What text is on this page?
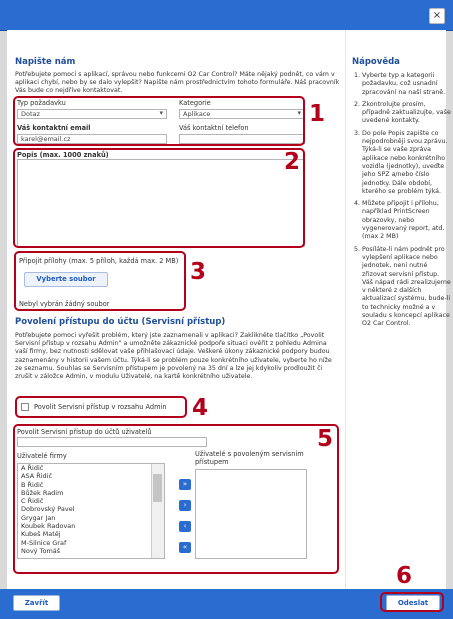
×
Napište nám
Potřebujete pomoci s aplikací, správou nebo funkcemi O2 Car Control? Máte nějaký podnět, co vám v aplikaci chybí, nebo by se dalo vylepšit? Napište nám prostřednictvím tohoto formuláře. Náš pracovník Vás bude co nejdříve kontaktovat.
Typ požadavku
Dotaz ▾
Kategorie
Aplikace ▾
Váš kontaktní email
karel@email.cz
Váš kontaktní telefon
Popis (max. 1000 znaků)
Připojit přílohy (max. 5 příloh, každá max. 2 MB)
Vyberte soubor
Nebyl vybrán žádný soubor
Povolení přístupu do účtu (Servisní přístup)
Potřebujete pomoci vyřešit problém, který jste zaznamenali v aplikaci? Zaklikněte tlačítko „Povolit Servisní přístup v rozsahu Admin" a umožněte zákaznické podpoře situaci ověřit z pohledu Admina vaší firmy, bez nutnosti sdělovat vaše přihlašovací údaje. Veškeré úkony zákaznické podpory budou zaznamenány v historii vašem účtu. Týká-li se problém pouze konkrétního uživatele, vyberte ho níže ze seznamu. Souhlas se Servisním přístupem je povolený na 35 dní a lze jej kdykoliv prodloužit či zrušit v záložce Admin, v modulu Uživatelé, na kartě konkrétního uživatele.
Povolit Servisní přístup v rozsahu Admin
Povolit Servisní přístup do účtů uživatelů
Uživatelé firmy
A Řidič
ASA Řidič
B Řidič
Bůžek Radim
C Řidič
Dobrovský Pavel
Grygar Jan
Koubek Radovan
Kubeš Matěj
M-Silnice Graf
Nový Tomáš
»
›
‹
«
Uživatelé s povoleným servisním přístupem
Nápověda
1. Vyberte typ a kategorii požadavku, což usnadní zpracování na naší straně.
2. Zkontrolujte prosím, případně zaktualizujte, vaše uvedené kontakty.
3. Do pole Popis zapište co nejpodrobněji svou zprávu. Týká-li se vaše zpráva aplikace nebo konkrétního vozidla (jednotky), uveďte jeho SPZ a/nebo číslo jednotky. Dále období, kterého se problém týká.
4. Můžete připojit i přílohu, například PrintScreen obrazovky, nebo vygenerovaný report, atd. (max 2 MB)
5. Posíláte-li nám podnět pro vylepšení aplikace nebo jednotek, není nutné zřizovat servisní přístup. Váš nápad rádi zrealizujeme v některé z dalších aktualizací systému, bude-li to technicky možné a v souladu s koncepcí aplikace O2 Car Control.
Zavřít	Odeslat
1
2
3
4
5
6
